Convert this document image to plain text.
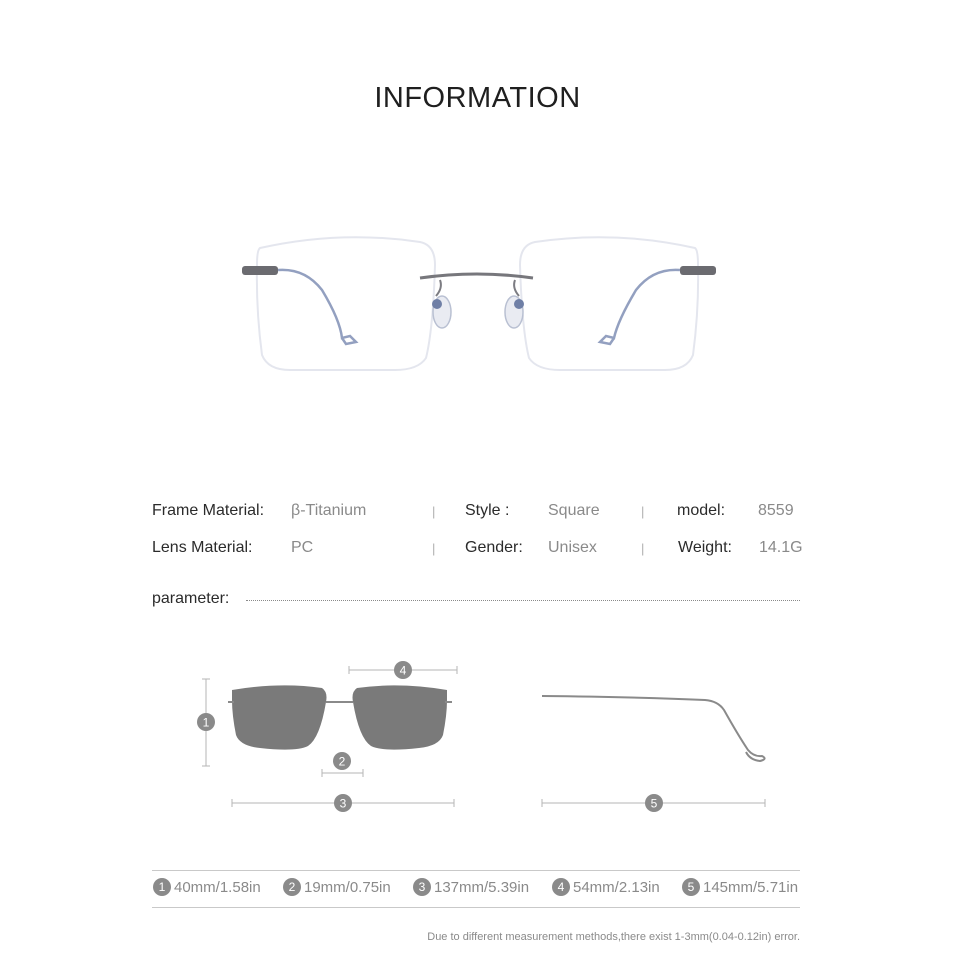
INFORMATION
Frame Material: β-Titanium	| Style : Square	| model: 8559
Lens Material: PC	| Gender: Unisex	| Weight: 14.1G
parameter:
1
2
3
4
5
1 40mm/1.58in	2 19mm/0.75in	3 137mm/5.39in	4 54mm/2.13in	5 145mm/5.71in
Due to different measurement methods,there exist 1-3mm(0.04-0.12in) error.
